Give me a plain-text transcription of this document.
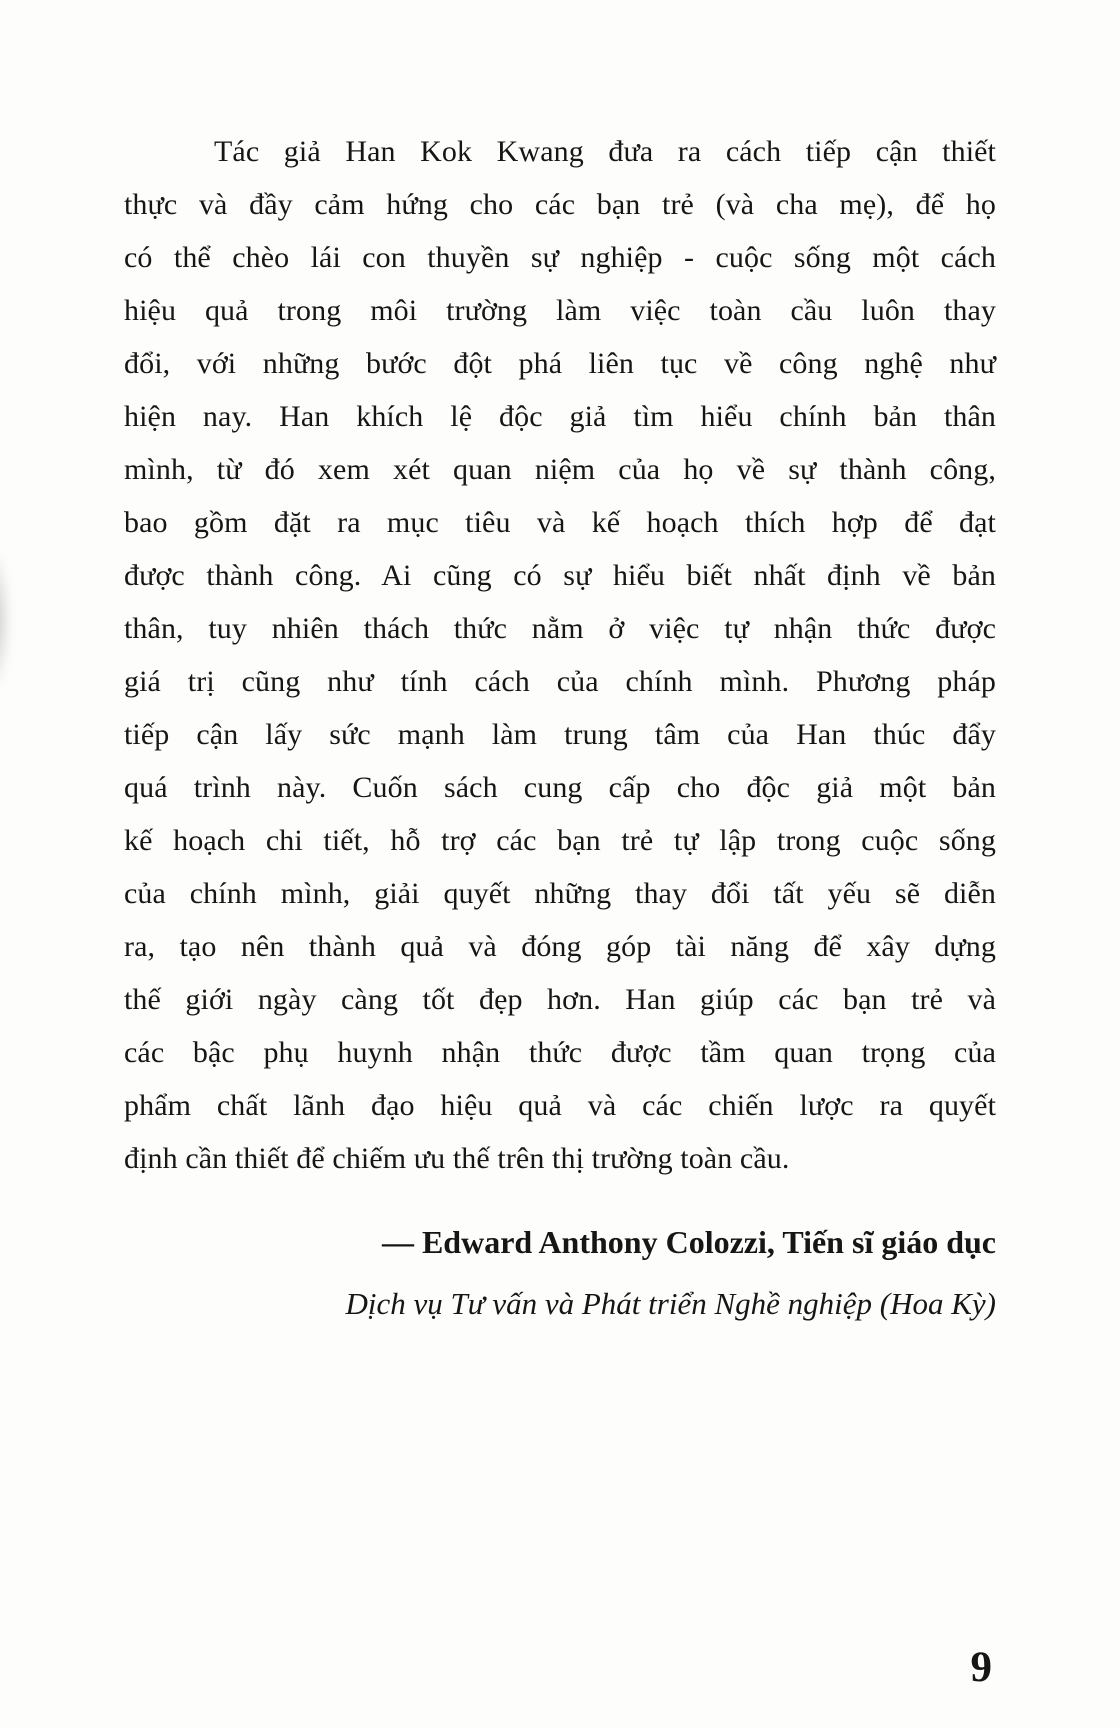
Tác giả Han Kok Kwang đưa ra cách tiếp cận thiết
thực và đầy cảm hứng cho các bạn trẻ (và cha mẹ), để họ
có thể chèo lái con thuyền sự nghiệp - cuộc sống một cách
hiệu quả trong môi trường làm việc toàn cầu luôn thay
đổi, với những bước đột phá liên tục về công nghệ như
hiện nay. Han khích lệ độc giả tìm hiểu chính bản thân
mình, từ đó xem xét quan niệm của họ về sự thành công,
bao gồm đặt ra mục tiêu và kế hoạch thích hợp để đạt
được thành công. Ai cũng có sự hiểu biết nhất định về bản
thân, tuy nhiên thách thức nằm ở việc tự nhận thức được
giá trị cũng như tính cách của chính mình. Phương pháp
tiếp cận lấy sức mạnh làm trung tâm của Han thúc đẩy
quá trình này. Cuốn sách cung cấp cho độc giả một bản
kế hoạch chi tiết, hỗ trợ các bạn trẻ tự lập trong cuộc sống
của chính mình, giải quyết những thay đổi tất yếu sẽ diễn
ra, tạo nên thành quả và đóng góp tài năng để xây dựng
thế giới ngày càng tốt đẹp hơn. Han giúp các bạn trẻ và
các bậc phụ huynh nhận thức được tầm quan trọng của
phẩm chất lãnh đạo hiệu quả và các chiến lược ra quyết
định cần thiết để chiếm ưu thế trên thị trường toàn cầu.
— Edward Anthony Colozzi, Tiến sĩ giáo dục
Dịch vụ Tư vấn và Phát triển Nghề nghiệp (Hoa Kỳ)
9
